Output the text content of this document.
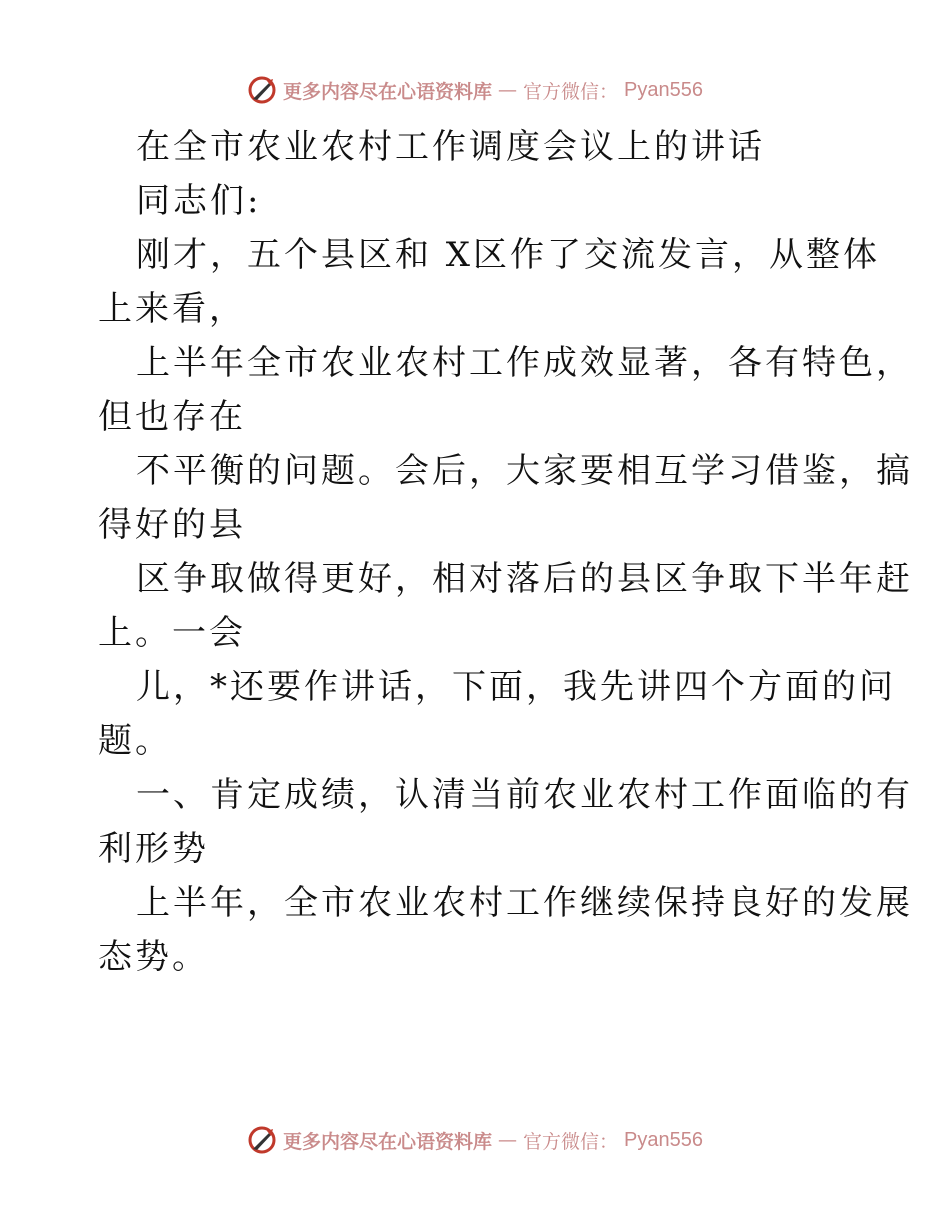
更多内容尽在心语资料库 — 官方微信： Pyan556
在全市农业农村工作调度会议上的讲话
同志们:
刚才，五个县区和 X区作了交流发言，从整体
上来看，
上半年全市农业农村工作成效显著，各有特色，
但也存在
不平衡的问题。会后，大家要相互学习借鉴，搞
得好的县
区争取做得更好，相对落后的县区争取下半年赶
上。一会
儿，*还要作讲话，下面，我先讲四个方面的问
题。
一、肯定成绩，认清当前农业农村工作面临的有
利形势
上半年，全市农业农村工作继续保持良好的发展
态势。
更多内容尽在心语资料库 — 官方微信： Pyan556
